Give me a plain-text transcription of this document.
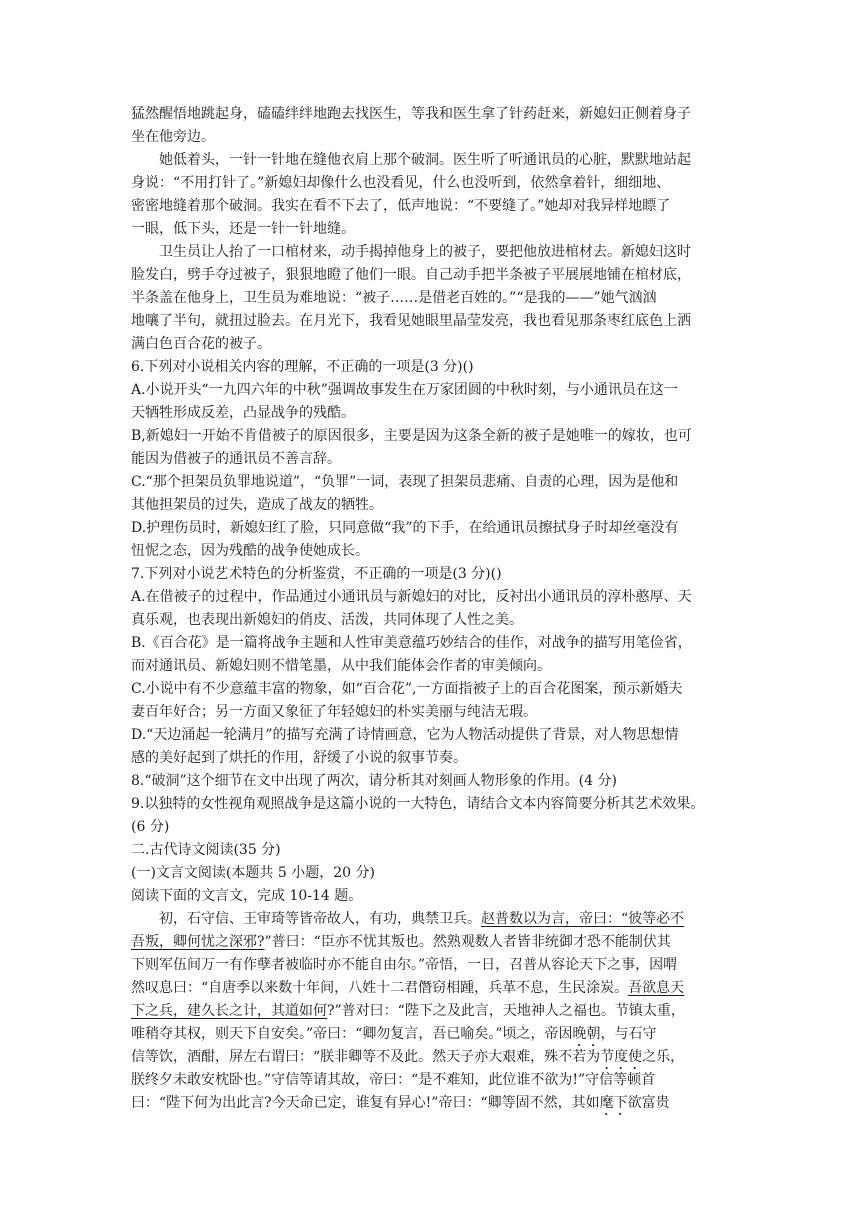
猛然醒悟地跳起身，磕磕绊绊地跑去找医生，等我和医生拿了针药赶来，新媳妇正侧着身子
坐在他旁边。
她低着头，一针一针地在缝他衣肩上那个破洞。医生听了听通讯员的心脏，默默地站起
身说：“不用打针了。”新媳妇却像什么也没看见，什么也没听到，依然拿着针，细细地、
密密地缝着那个破洞。我实在看不下去了，低声地说：“不要缝了。”她却对我异样地瞟了
一眼，低下头，还是一针一针地缝。
卫生员让人抬了一口棺材来，动手揭掉他身上的被子，要把他放进棺材去。新媳妇这时
脸发白，劈手夺过被子，狠狠地瞪了他们一眼。自己动手把半条被子平展展地铺在棺材底，
半条盖在他身上，卫生员为难地说：“被子……是借老百姓的。”“是我的——”她气汹汹
地嚷了半句，就扭过脸去。在月光下，我看见她眼里晶莹发亮，我也看见那条枣红底色上洒
满白色百合花的被子。
6.下列对小说相关内容的理解，不正确的一项是(3 分)()
A.小说开头“一九四六年的中秋”强调故事发生在万家团圆的中秋时刻，与小通讯员在这一
天牺牲形成反差，凸显战争的残酷。
B,新媳妇一开始不肯借被子的原因很多，主要是因为这条全新的被子是她唯一的嫁妆，也可
能因为借被子的通讯员不善言辞。
C.“那个担架员负罪地说道”，“负罪”一词，表现了担架员悲痛、自责的心理，因为是他和
其他担架员的过失，造成了战友的牺牲。
D.护理伤员时，新媳妇红了脸，只同意做“我”的下手，在给通讯员擦拭身子时却丝毫没有
忸怩之态，因为残酷的战争使她成长。
7.下列对小说艺术特色的分析鉴赏，不正确的一项是(3 分)()
A.在借被子的过程中，作品通过小通讯员与新媳妇的对比，反衬出小通讯员的淳朴憨厚、天
真乐观，也表现出新媳妇的俏皮、活泼，共同体现了人性之美。
B.《百合花》是一篇将战争主题和人性审美意蕴巧妙结合的佳作，对战争的描写用笔俭省，
而对通讯员、新媳妇则不惜笔墨，从中我们能体会作者的审美倾向。
C.小说中有不少意蕴丰富的物象，如“百合花”,一方面指被子上的百合花图案，预示新婚夫
妻百年好合；另一方面又象征了年轻媳妇的朴实美丽与纯洁无瑕。
D.“天边涌起一轮满月”的描写充满了诗情画意，它为人物活动提供了背景，对人物思想情
感的美好起到了烘托的作用，舒缓了小说的叙事节奏。
8.“破洞”这个细节在文中出现了两次，请分析其对刻画人物形象的作用。(4 分)
9.以独特的女性视角观照战争是这篇小说的一大特色，请结合文本内容简要分析其艺术效果。
(6 分)
二.古代诗文阅读(35 分)
(一)文言文阅读(本题共 5 小题，20 分)
阅读下面的文言文，完成 10-14 题。
初，石守信、王审琦等皆帝故人，有功，典禁卫兵。赵普数以为言，帝曰：“彼等必不
吾叛，卿何忧之深邪?”普曰：“臣亦不忧其叛也。然熟观数人者皆非统御才恐不能制伏其
下则军伍间万一有作孽者被临时亦不能自由尔。”帝悟，一日，召普从容论天下之事，因喟
然叹息曰：“自唐季以来数十年间，八姓十二君僭窃相踵，兵革不息，生民涂炭。吾欲息天
下之兵，建久长之计，其道如何?”普对曰：“陛下之及此言，天地神人之福也。节镇太重，
唯稍夺其权，则天下自安矣。”帝曰：“卿勿复言，吾已喻矣。”顷之，帝因晚朝，与石守
信等饮，酒酣，屏左右谓曰：“朕非卿等不及此。然天子亦大艰难，殊不若为节度使之乐，
朕终夕未敢安枕卧也。”守信等请其故，帝曰：“是不难知，此位谁不欲为!”守信等顿首
曰：“陛下何为出此言?今天命已定，谁复有异心!”帝曰：“卿等固不然，其如麾下欲富贵
